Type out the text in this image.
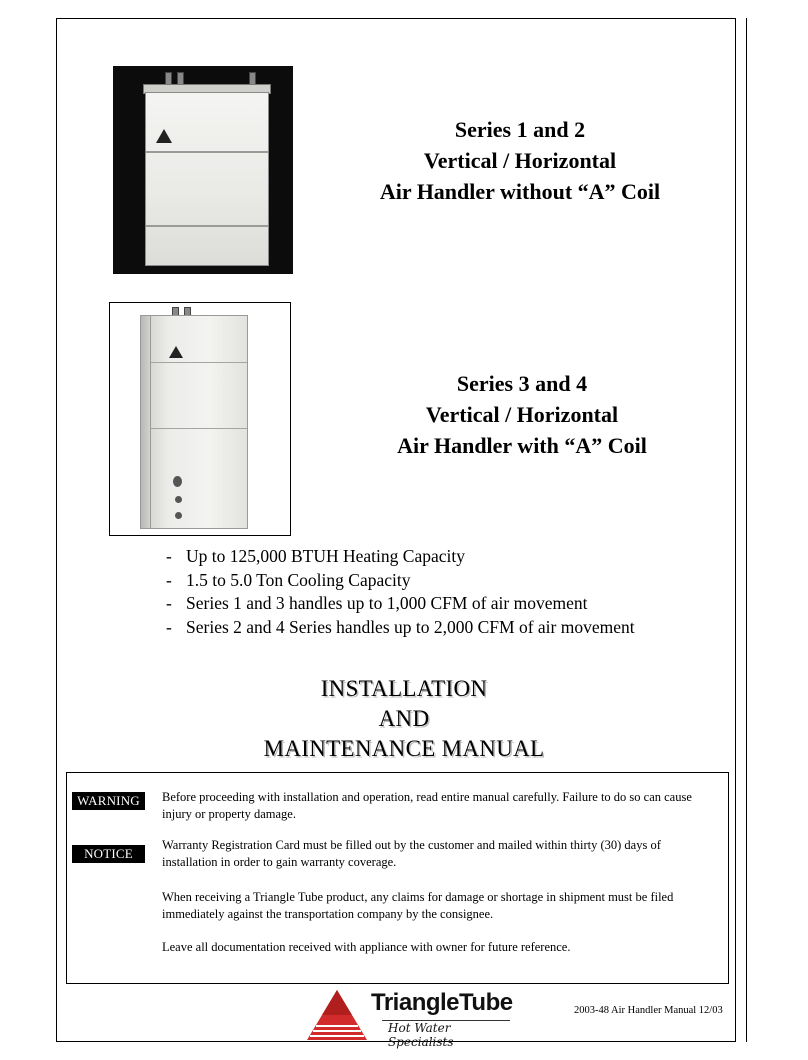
Series 1 and 2
Vertical / Horizontal
Air Handler without “A” Coil
Series 3 and 4
Vertical / Horizontal
Air Handler with “A” Coil
- Up to 125,000 BTUH Heating Capacity
- 1.5 to 5.0 Ton Cooling Capacity
- Series 1 and 3 handles up to 1,000 CFM of air movement
- Series 2 and 4 Series handles up to 2,000 CFM of air movement
INSTALLATION
AND
MAINTENANCE MANUAL
WARNING
NOTICE
Before proceeding with installation and operation, read entire manual carefully. Failure to do so can cause injury or property damage.
Warranty Registration Card must be filled out by the customer and mailed within thirty (30) days of installation in order to gain warranty coverage.
When receiving a Triangle Tube product, any claims for damage or shortage in shipment must be filed immediately against the transportation company by the consignee.
Leave all documentation received with appliance with owner for future reference.
TriangleTube
Hot Water Specialists
2003-48 Air Handler Manual 12/03
